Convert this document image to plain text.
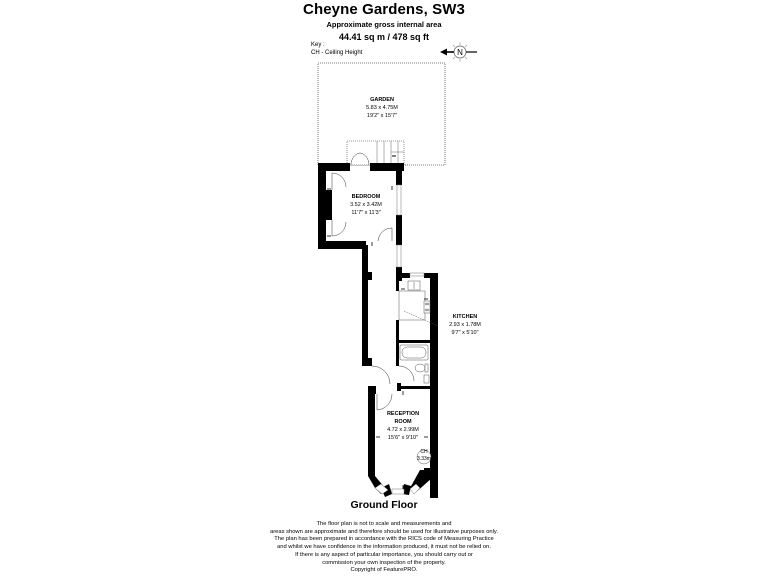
Cheyne Gardens, SW3
Approximate gross internal area
44.41 sq m / 478 sq ft
Key :
CH - Ceiling Height	N
GARDEN
5.83 x 4.75M
19'2" x 15'7"
BEDROOM
3.52 x 3.42M
11'7" x 11'3"
KITCHEN
2.93 x 1.78M
9'7" x 5'10"
RECEPTION
ROOM
4.72 x 2.99M
15'6" x 9'10"
CH
3.33m
Ground Floor
The floor plan is not to scale and measurements and
areas shown are approximate and therefore should be used for illustrative purposes only.
The plan has been prepared in accordance with the RICS code of Measuring Practice
and whilst we have confidence in the information produced, it must not be relied on.
If there is any aspect of particular importance, you should carry out or
commission your own inspection of the property.
Copyright of FeaturePRO.
